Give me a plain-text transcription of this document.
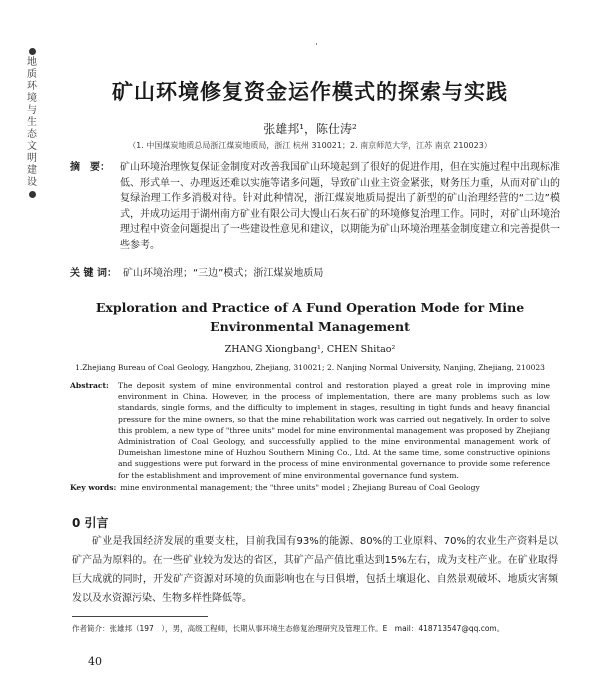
地质环境与生态文明建设
矿山环境修复资金运作模式的探索与实践
张雄邦¹，陈仕涛²
（1. 中国煤炭地质总局浙江煤炭地质局，浙江 杭州 310021；2. 南京师范大学，江苏 南京 210023）
摘　要：	矿山环境治理恢复保证金制度对改善我国矿山环境起到了很好的促进作用，但在实施过程中出现标准低、形式单一、办理返还难以实施等诸多问题，导致矿山业主资金紧张，财务压力重，从而对矿山的复绿治理工作多消极对待。针对此种情况，浙江煤炭地质局提出了新型的矿山治理经营的“二边”模式，并成功运用于湖州南方矿业有限公司大馒山石灰石矿的环境修复治理工作。同时，对矿山环境治理过程中资金问题提出了一些建设性意见和建议，以期能为矿山环境治理基金制度建立和完善提供一些参考。
关 键 词： 矿山环境治理；“三边”模式；浙江煤炭地质局
Exploration and Practice of A Fund Operation Mode for Mine Environmental Management
ZHANG Xiongbang¹, CHEN Shitao²
1.Zhejiang Bureau of Coal Geology, Hangzhou, Zhejiang, 310021; 2. Nanjing Normal University, Nanjing, Zhejiang, 210023
Abstract: The deposit system of mine environmental control and restoration played a great role in improving mine environment in China. However, in the process of implementation, there are many problems such as low standards, single forms, and the difficulty to implement in stages, resulting in tight funds and heavy financial pressure for the mine owners, so that the mine rehabilitation work was carried out negatively. In order to solve this problem, a new type of "three units" model for mine environmental management was proposed by Zhejiang Administration of Coal Geology, and successfully applied to the mine environmental management work of Dumeishan limestone mine of Huzhou Southern Mining Co., Ltd. At the same time, some constructive opinions and suggestions were put forward in the process of mine environmental governance to provide some reference for the establishment and improvement of mine environmental governance fund system.
Key words: mine environmental management; the "three units" model ; Zhejiang Bureau of Coal Geology
0 引言
矿业是我国经济发展的重要支柱，目前我国有93%的能源、80%的工业原料、70%的农业生产资料是以矿产品为原料的。在一些矿业较为发达的省区，其矿产品产值比重达到15%左右，成为支柱产业。在矿业取得巨大成就的同时，开发矿产资源对环境的负面影响也在与日俱增，包括土壤退化、自然景观破坏、地质灾害频发以及水资源污染、生物多样性降低等。
作者简介：张雄邦（197　），男，高级工程师，长期从事环境生态修复治理研究及管理工作。E　mail：418713547@qq.com。
40
